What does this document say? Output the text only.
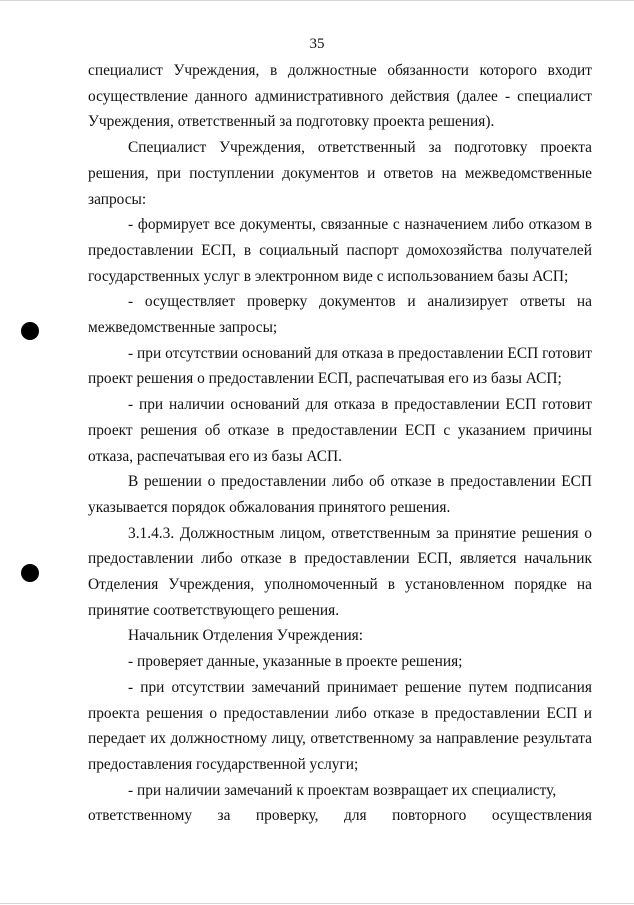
35

специалист Учреждения, в должностные обязанности которого входит осуществление данного административного действия (далее - специалист Учреждения, ответственный за подготовку проекта решения).

Специалист Учреждения, ответственный за подготовку проекта решения, при поступлении документов и ответов на межведомственные запросы:

- формирует все документы, связанные с назначением либо отказом в предоставлении ЕСП, в социальный паспорт домохозяйства получателей государственных услуг в электронном виде с использованием базы АСП;

- осуществляет проверку документов и анализирует ответы на межведомственные запросы;

- при отсутствии оснований для отказа в предоставлении ЕСП готовит проект решения о предоставлении ЕСП, распечатывая его из базы АСП;

- при наличии оснований для отказа в предоставлении ЕСП готовит проект решения об отказе в предоставлении ЕСП с указанием причины отказа, распечатывая его из базы АСП.

В решении о предоставлении либо об отказе в предоставлении ЕСП указывается порядок обжалования принятого решения.

3.1.4.3. Должностным лицом, ответственным за принятие решения о предоставлении либо отказе в предоставлении ЕСП, является начальник Отделения Учреждения, уполномоченный в установленном порядке на принятие соответствующего решения.

Начальник Отделения Учреждения:

- проверяет данные, указанные в проекте решения;

- при отсутствии замечаний принимает решение путем подписания проекта решения о предоставлении либо отказе в предоставлении ЕСП и передает их должностному лицу, ответственному за направление результата предоставления государственной услуги;

- при наличии замечаний к проектам возвращает их специалисту,

ответственному за проверку, для повторного осуществления
